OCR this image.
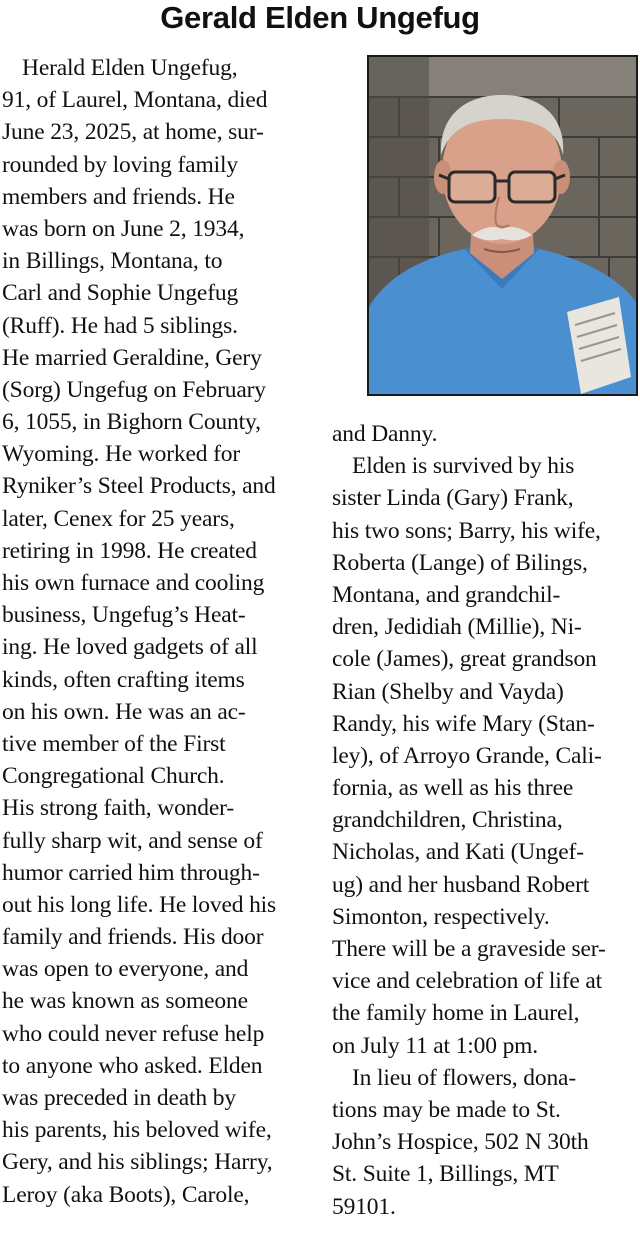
Gerald Elden Ungefug
Herald Elden Ungefug,
91, of Laurel, Montana, died
June 23, 2025, at home, sur-
rounded by loving family
members and friends. He
was born on June 2, 1934,
in Billings, Montana, to
Carl and Sophie Ungefug
(Ruff). He had 5 siblings.
He married Geraldine, Gery
(Sorg) Ungefug on February
6, 1055, in Bighorn County,
Wyoming. He worked for
Ryniker’s Steel Products, and
later, Cenex for 25 years,
retiring in 1998. He created
his own furnace and cooling
business, Ungefug’s Heat-
ing. He loved gadgets of all
kinds, often crafting items
on his own. He was an ac-
tive member of the First
Congregational Church.
His strong faith, wonder-
fully sharp wit, and sense of
humor carried him through-
out his long life. He loved his
family and friends. His door
was open to everyone, and
he was known as someone
who could never refuse help
to anyone who asked. Elden
was preceded in death by
his parents, his beloved wife,
Gery, and his siblings; Harry,
Leroy (aka Boots), Carole,
and Danny.
Elden is survived by his
sister Linda (Gary) Frank,
his two sons; Barry, his wife,
Roberta (Lange) of Bilings,
Montana, and grandchil-
dren, Jedidiah (Millie), Ni-
cole (James), great grandson
Rian (Shelby and Vayda)
Randy, his wife Mary (Stan-
ley), of Arroyo Grande, Cali-
fornia, as well as his three
grandchildren, Christina,
Nicholas, and Kati (Ungef-
ug) and her husband Robert
Simonton, respectively.
There will be a graveside ser-
vice and celebration of life at
the family home in Laurel,
on July 11 at 1:00 pm.
In lieu of flowers, dona-
tions may be made to St.
John’s Hospice, 502 N 30th
St. Suite 1, Billings, MT
59101.
